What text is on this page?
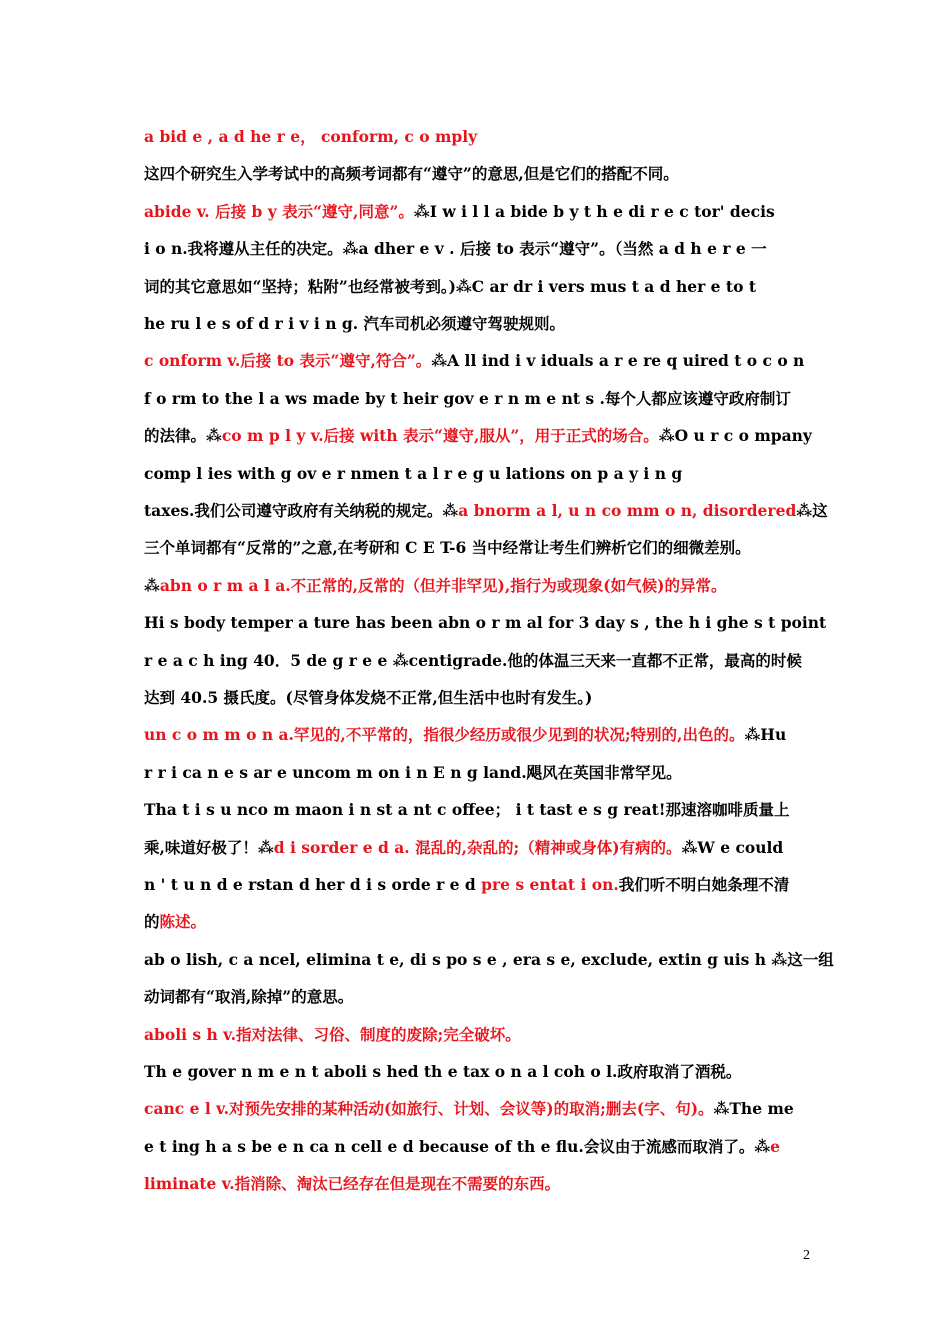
a bid e , a d he r e， conform, c o mply
这四个研究生入学考试中的高频考词都有“遵守”的意思,但是它们的搭配不同。
abide v. 后接 b y 表示“遵守,同意”。⁂I w i l l a bide b y t h e di r e c tor' decis
i o n.我将遵从主任的决定。⁂a dher e v . 后接 to 表示“遵守”。（当然 a d h e r e 一
词的其它意思如“坚持；粘附”也经常被考到。)⁂C ar dr i vers mus t a d her e to t
he ru l e s of d r i v i n g. 汽车司机必须遵守驾驶规则。
c onform v.后接 to 表示“遵守,符合”。⁂A ll ind i v iduals a r e re q uired t o c o n
f o rm to the l a ws made by t heir gov e r n m e nt s .每个人都应该遵守政府制订
的法律。⁂co m p l y v.后接 with 表示“遵守,服从”，用于正式的场合。⁂O u r c o mpany
comp l ies with g ov e r nmen t a l r e g u lations on p a y i n g
taxes.我们公司遵守政府有关纳税的规定。⁂a bnorm a l, u n co mm o n, disordered⁂这
三个单词都有“反常的”之意,在考研和 C E T-6 当中经常让考生们辨析它们的细微差别。
⁂abn o r m a l a.不正常的,反常的（但并非罕见),指行为或现象(如气候)的异常。
Hi s body temper a ture has been abn o r m al for 3 day s , the h i ghe s t point
r e a c h ing 40．5 de g r e e ⁂centigrade.他的体温三天来一直都不正常，最高的时候
达到 40.5 摄氏度。(尽管身体发烧不正常,但生活中也时有发生。)
un c o m m o n a.罕见的,不平常的，指很少经历或很少见到的状况;特别的,出色的。⁂Hu
r r i ca n e s ar e uncom m on i n E n g land.飓风在英国非常罕见。
Tha t i s u nco m maon i n st a nt c offee； i t tast e s g reat!那速溶咖啡质量上
乘,味道好极了！⁂d i sorder e d a. 混乱的,杂乱的;（精神或身体)有病的。⁂W e could
n ' t u n d e rstan d her d i s orde r e d pre s entat i on.我们听不明白她条理不清
的陈述。
ab o lish, c a ncel, elimina t e, di s po s e , era s e, exclude, extin g uis h ⁂这一组
动词都有“取消,除掉”的意思。
aboli s h v.指对法律、习俗、制度的废除;完全破坏。
Th e gover n m e n t aboli s hed th e tax o n a l coh o l.政府取消了酒税。
canc e l v.对预先安排的某种活动(如旅行、计划、会议等)的取消;删去(字、句)。⁂The me
e t ing h a s be e n ca n cell e d because of th e flu.会议由于流感而取消了。⁂e
liminate v.指消除、淘汰已经存在但是现在不需要的东西。
2
